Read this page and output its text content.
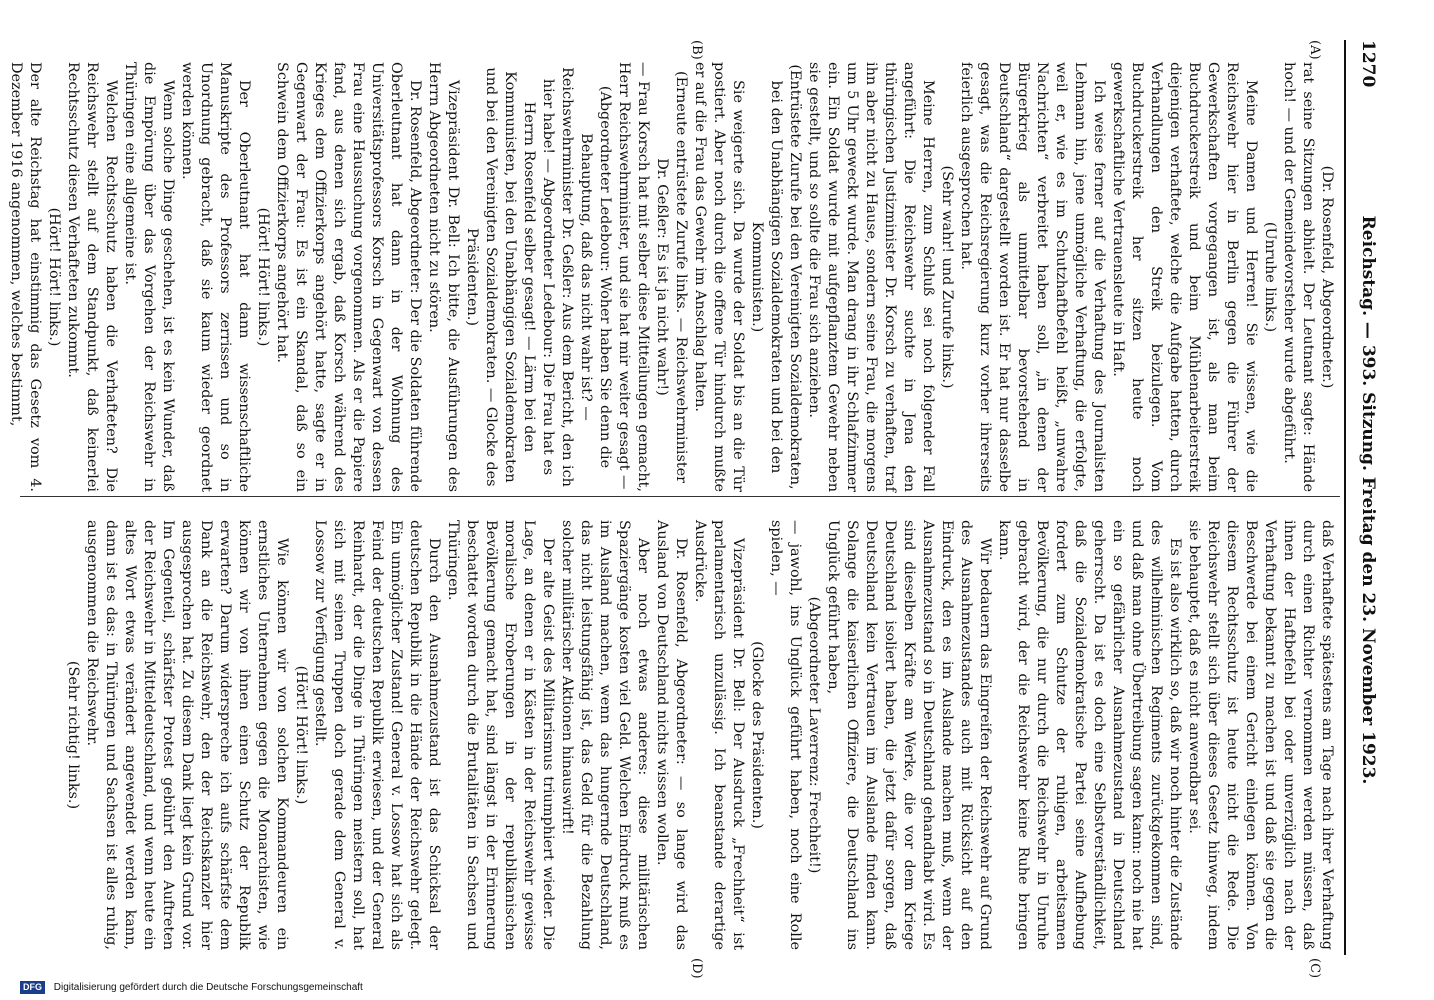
1270
Reichstag. — 393. Sitzung. Freitag den 23. November 1923.
(A)
(B)
(C)
(D)

(Dr. Rosenfeld, Abgeordneter.)

rat seine Sitzungen abhielt. Der Leutnant sagte: Hände hoch! — und der Gemeindevorsteher wurde abgeführt.

(Unruhe links.)

Meine Damen und Herren! Sie wissen, wie die Reichswehr hier in Berlin gegen die Führer der Gewerkschaften vorgegangen ist, als man beim Buchdruckerstreik und beim Mühlenarbeiterstreik diejenigen verhaftete, welche die Aufgabe hatten, durch Verhandlungen den Streik beizulegen. Vom Buchdruckerstreik her sitzen heute noch gewerkschaftliche Vertrauensleute in Haft.

Ich weise ferner auf die Verhaftung des Journalisten Lehmann hin, jene unmögliche Verhaftung, die erfolgte, weil er, wie es im Schutzhaftbefehl heißt, „unwahre Nachrichten“ verbreitet haben soll, „in denen der Bürgerkrieg als unmittelbar bevorstehend in Deutschland“ dargestellt worden ist. Er hat nur dasselbe gesagt, was die Reichsregierung kurz vorher ihrerseits feierlich ausgesprochen hat.

(Sehr wahr! und Zurufe links.)

Meine Herren, zum Schluß sei noch folgender Fall angeführt: Die Reichswehr suchte in Jena den thüringischen Justizminister Dr. Korsch zu verhaften, traf ihn aber nicht zu Hause, sondern seine Frau, die morgens um 5 Uhr geweckt wurde. Man drang in ihr Schlafzimmer ein. Ein Soldat wurde mit aufgepflanztem Gewehr neben sie gestellt, und so sollte die Frau sich anziehen.

(Entrüstete Zurufe bei den Vereinigten Sozialdemokraten, bei den Unabhängigen Sozialdemokraten und bei den Kommunisten.)

Sie weigerte sich. Da wurde der Soldat bis an die Tür postiert. Aber noch durch die offene Tür hindurch mußte er auf die Frau das Gewehr im Anschlag halten.

(Erneute entrüstete Zurufe links. — Reichswehrminister Dr. Geßler: Es ist ja nicht wahr!)

— Frau Korsch hat mit selber diese Mitteilungen gemacht, Herr Reichswehrminister, und sie hat mir weiter gesagt —

(Abgeordneter Ledebour: Woher haben Sie denn die Behauptung, daß das nicht wahr ist? — Reichswehrminister Dr. Geßler: Aus dem Bericht, den ich hier habe! — Abgeordneter Ledebour: Die Frau hat es Herrn Rosenfeld selber gesagt! — Lärm bei den Kommunisten, bei den Unabhängigen Sozialdemokraten und bei den Vereinigten Sozialdemokraten. — Glocke des Präsidenten.)

Vizepräsident Dr. Bell: Ich bitte, die Ausführungen des Herrn Abgeordneten nicht zu stören.

Dr. Rosenfeld, Abgeordneter: Der die Soldaten führende Oberleutnant hat dann in der Wohnung des Universitätsprofessors Korsch in Gegenwart von dessen Frau eine Haussuchung vorgenommen. Als er die Papiere fand, aus denen sich ergab, daß Korsch während des Krieges dem Offizierkorps angehört hatte, sagte er in Gegenwart der Frau: Es ist ein Skandal, daß so ein Schwein dem Offizierkorps angehört hat.

(Hört! Hört! links.)

Der Oberleutnant hat dann wissenschaftliche Manuskripte des Professors zerrissen und so in Unordnung gebracht, daß sie kaum wieder geordnet werden können.

Wenn solche Dinge geschehen, ist es kein Wunder, daß die Empörung über das Vorgehen der Reichswehr in Thüringen eine allgemeine ist.

Welchen Rechtsschutz haben die Verhafteten? Die Reichswehr stellt auf dem Standpunkt, daß keinerlei Rechtsschutz diesen Verhafteten zukommt.

(Hört! Hört! links.)

Der alte Reichstag hat einstimmig das Gesetz vom 4. Dezember 1916 angenommen, welches bestimmt,

daß Verhaftete spätestens am Tage nach ihrer Verhaftung durch einen Richter vernommen werden müssen, daß ihnen der Haftbefehl bei oder unverzüglich nach der Verhaftung bekannt zu machen ist und daß sie gegen die Beschwerde bei einem Gericht einlegen können. Von diesem Rechtsschutz ist heute nicht die Rede. Die Reichswehr stellt sich über dieses Gesetz hinweg, indem sie behauptet, daß es nicht anwendbar sei.

Es ist also wirklich so, daß wir noch hinter die Zustände des wilhelminischen Regiments zurückgekommen sind, und daß man ohne Übertreibung sagen kann: noch nie hat ein so gefährlicher Ausnahmezustand in Deutschland geherrscht. Da ist es doch eine Selbstverständlichkeit, daß die Sozialdemokratische Partei seine Aufhebung fordert zum Schutze der ruhigen, arbeitsamen Bevölkerung, die nur durch die Reichswehr in Unruhe gebracht wird, der die Reichswehr keine Ruhe bringen kann.

Wir bedauern das Eingreifen der Reichswehr auf Grund des Ausnahmezustandes auch mit Rücksicht auf den Eindruck, den es im Auslande machen muß, wenn der Ausnahmezustand so in Deutschland gehandhabt wird. Es sind dieselben Kräfte am Werke, die vor dem Kriege Deutschland isoliert haben, die jetzt dafür sorgen, daß Deutschland kein Vertrauen im Auslande finden kann. Solange die kaiserlichen Offiziere, die Deutschland ins Unglück geführt haben,

(Abgeordneter Laverrenz: Frechheit!)

— jawohl, ins Unglück geführt haben, noch eine Rolle spielen, —

(Glocke des Präsidenten.)

Vizepräsident Dr. Bell: Der Ausdruck „Frechheit“ ist parlamentarisch unzulässig. Ich beanstande derartige Ausdrücke.

Dr. Rosenfeld, Abgeordneter: — so lange wird das Ausland von Deutschland nichts wissen wollen.

Aber noch etwas anderes: diese militärischen Spaziergänge kosten viel Geld. Welchen Eindruck muß es im Ausland machen, wenn das hungernde Deutschland, das nicht leistungsfähig ist, das Geld für die Bezahlung solcher militärischer Aktionen hinauswirft!

Der alte Geist des Militarismus triumphiert wieder. Die Lage, an denen er in Kästen in der Reichswehr gewisse moralische Eroberungen in der republikanischen Bevölkerung gemacht hat, sind längst in der Erinnerung beschattet worden durch die Brutalitäten in Sachsen und Thüringen.

Durch den Ausnahmezustand ist das Schicksal der deutschen Republik in die Hände der Reichswehr gelegt. Ein unmöglicher Zustand! General v. Lossow hat sich als Feind der deutschen Republik erwiesen, und der General Reinhardt, der die Dinge in Thüringen meistern soll, hat sich mit seinen Truppen doch gerade dem General v. Lossow zur Verfügung gestellt.

(Hört! Hört! links.)

Wie können wir von solchen Kommandeuren ein ernstliches Unternehmen gegen die Monarchisten, wie können wir von ihnen einen Schutz der Republik erwarten? Darum widerspreche ich aufs schärfste dem Dank an die Reichswehr, den der Reichskanzler hier ausgesprochen hat. Zu diesem Dank liegt kein Grund vor. Im Gegenteil, schärfster Protest gebührt den Auftreten der Reichswehr in Mitteldeutschland, und wenn heute ein altes Wort etwas verändert angewendet werden kann, dann ist es das: in Thüringen und Sachsen ist alles ruhig, ausgenommen die Reichswehr.

(Sehr richtig! links.)

DFG Digitalisierung gefördert durch die Deutsche Forschungsgemeinschaft
